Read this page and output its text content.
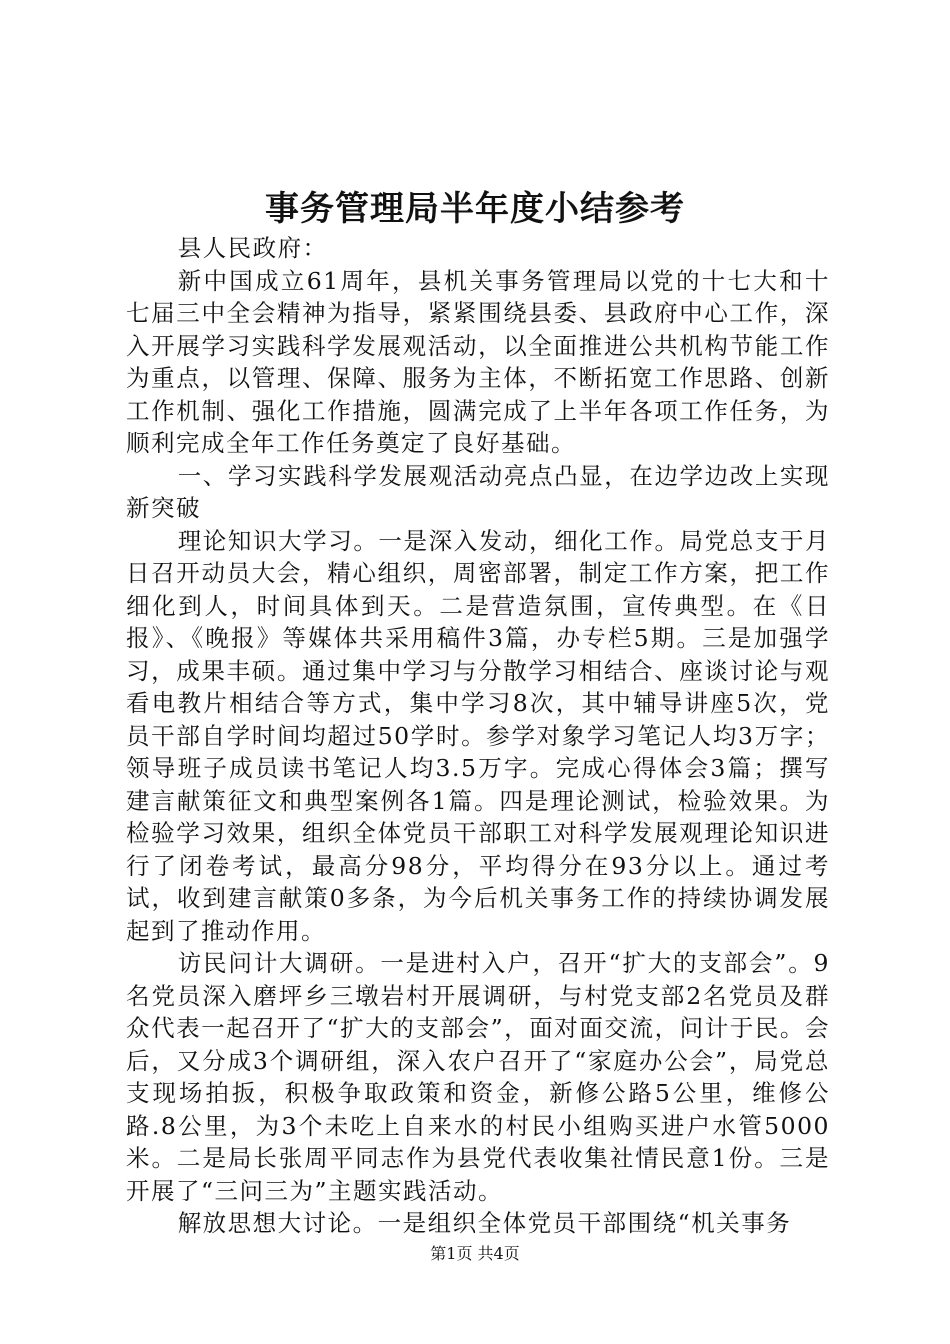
事务管理局半年度小结参考

县人民政府：

新中国成立61周年，县机关事务管理局以党的十七大和十七届三中全会精神为指导，紧紧围绕县委、县政府中心工作，深入开展学习实践科学发展观活动，以全面推进公共机构节能工作为重点，以管理、保障、服务为主体，不断拓宽工作思路、创新工作机制、强化工作措施，圆满完成了上半年各项工作任务，为顺利完成全年工作任务奠定了良好基础。

一、学习实践科学发展观活动亮点凸显，在边学边改上实现新突破

理论知识大学习。一是深入发动，细化工作。局党总支于月日召开动员大会，精心组织，周密部署，制定工作方案，把工作细化到人，时间具体到天。二是营造氛围，宣传典型。在《日报》、《晚报》等媒体共采用稿件3篇，办专栏5期。三是加强学习，成果丰硕。通过集中学习与分散学习相结合、座谈讨论与观看电教片相结合等方式，集中学习8次，其中辅导讲座5次，党员干部自学时间均超过50学时。参学对象学习笔记人均3万字；领导班子成员读书笔记人均3.5万字。完成心得体会3篇；撰写建言献策征文和典型案例各1篇。四是理论测试，检验效果。为检验学习效果，组织全体党员干部职工对科学发展观理论知识进行了闭卷考试，最高分98分，平均得分在93分以上。通过考试，收到建言献策0多条，为今后机关事务工作的持续协调发展起到了推动作用。

访民问计大调研。一是进村入户，召开“扩大的支部会”。9名党员深入磨坪乡三墩岩村开展调研，与村党支部2名党员及群众代表一起召开了“扩大的支部会”，面对面交流，问计于民。会后，又分成3个调研组，深入农户召开了“家庭办公会”，局党总支现场拍扳，积极争取政策和资金，新修公路5公里，维修公路.8公里，为3个未吃上自来水的村民小组购买进户水管5000米。二是局长张周平同志作为县党代表收集社情民意1份。三是开展了“三问三为”主题实践活动。

解放思想大讨论。一是组织全体党员干部围绕“机关事务

第1页 共4页
